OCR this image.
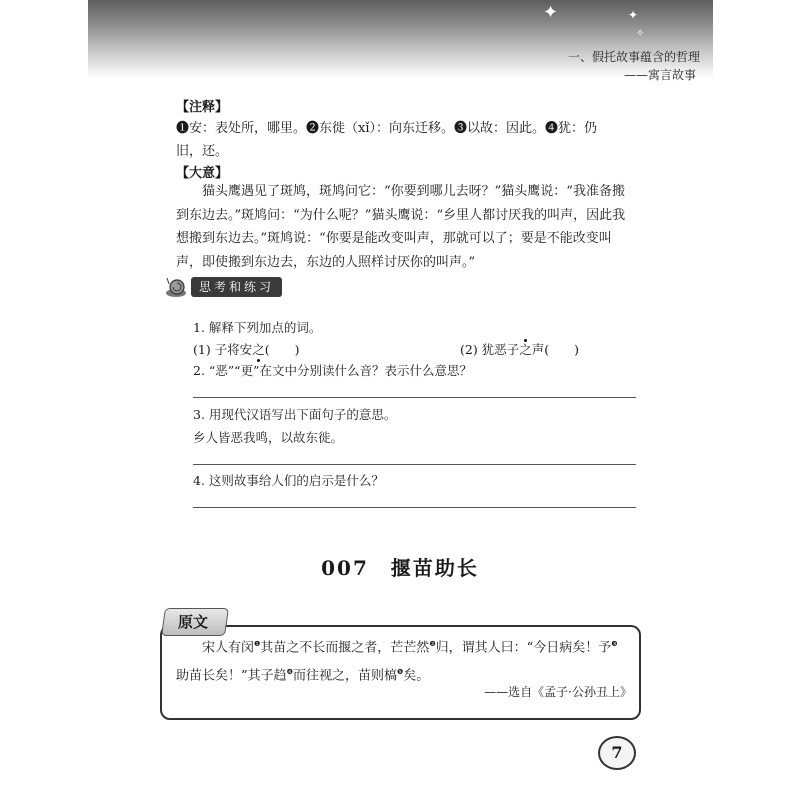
✦	✦
✧
一、假托故事蕴含的哲理
——寓言故事
【注释】
❶安：表处所，哪里。❷东徙（xǐ）：向东迁移。❸以故：因此。❹犹：仍
旧，还。
【大意】
猫头鹰遇见了斑鸠，斑鸠问它：“你要到哪儿去呀？”猫头鹰说：“我准备搬到东边去。”斑鸠问：“为什么呢？”猫头鹰说：“乡里人都讨厌我的叫声，因此我想搬到东边去。”斑鸠说：“你要是能改变叫声，那就可以了；要是不能改变叫声，即使搬到东边去，东边的人照样讨厌你的叫声。”
思考和练习
1. 解释下列加点的词。
(1) 子将安之(　　)	(2) 犹恶子之声(　　)
2. “恶”“更”在文中分别读什么音？表示什么意思？
3. 用现代汉语写出下面句子的意思。
乡人皆恶我鸣，以故东徙。
4. 这则故事给人们的启示是什么？
007　 揠苗助长
原文
宋人有闵$^❶$其苗之不长而揠之者，芒芒然$^❷$归，谓其人曰：“今日病矣！予$^❸$助苗长矣！”其子趋$^❹$而往视之，苗则槁$^❺$矣。
——选自《孟子·公孙丑上》
7
